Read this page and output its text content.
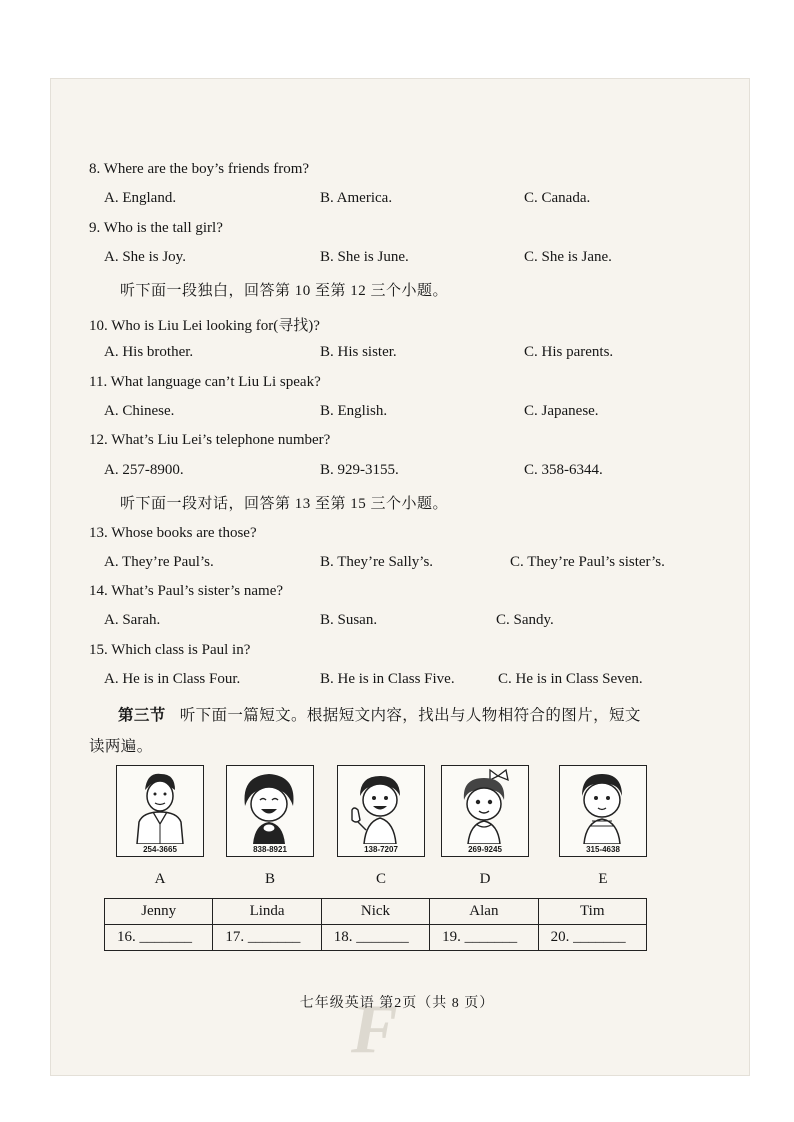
8. Where are the boy’s friends from?
A. England.	B. America.	C. Canada.
9. Who is the tall girl?
A. She is Joy.	B. She is June.	C. She is Jane.
听下面一段独白，回答第 10 至第 12 三个小题。
10. Who is Liu Lei looking for(寻找)?
A. His brother.	B. His sister.	C. His parents.
11. What language can’t Liu Li speak?
A. Chinese.	B. English.	C. Japanese.
12. What’s Liu Lei’s telephone number?
A. 257-8900.	B. 929-3155.	C. 358-6344.
听下面一段对话，回答第 13 至第 15 三个小题。
13. Whose books are those?
A. They’re Paul’s.	B. They’re Sally’s.	C. They’re Paul’s sister’s.
14. What’s Paul’s sister’s name?
A. Sarah.	B. Susan.	C. Sandy.
15. Which class is Paul in?
A. He is in Class Four.	B. He is in Class Five.	C. He is in Class Seven.
第三节 听下面一篇短文。根据短文内容，找出与人物相符合的图片，短文
读两遍。
254-3665	838-8921	138-7207	269-9245	315-4638
A	B	C	D	E
Jenny	Linda	Nick	Alan	Tim
16. _______	17. _______	18. _______	19. _______	20. _______
F
七年级英语 第2页（共 8 页）
